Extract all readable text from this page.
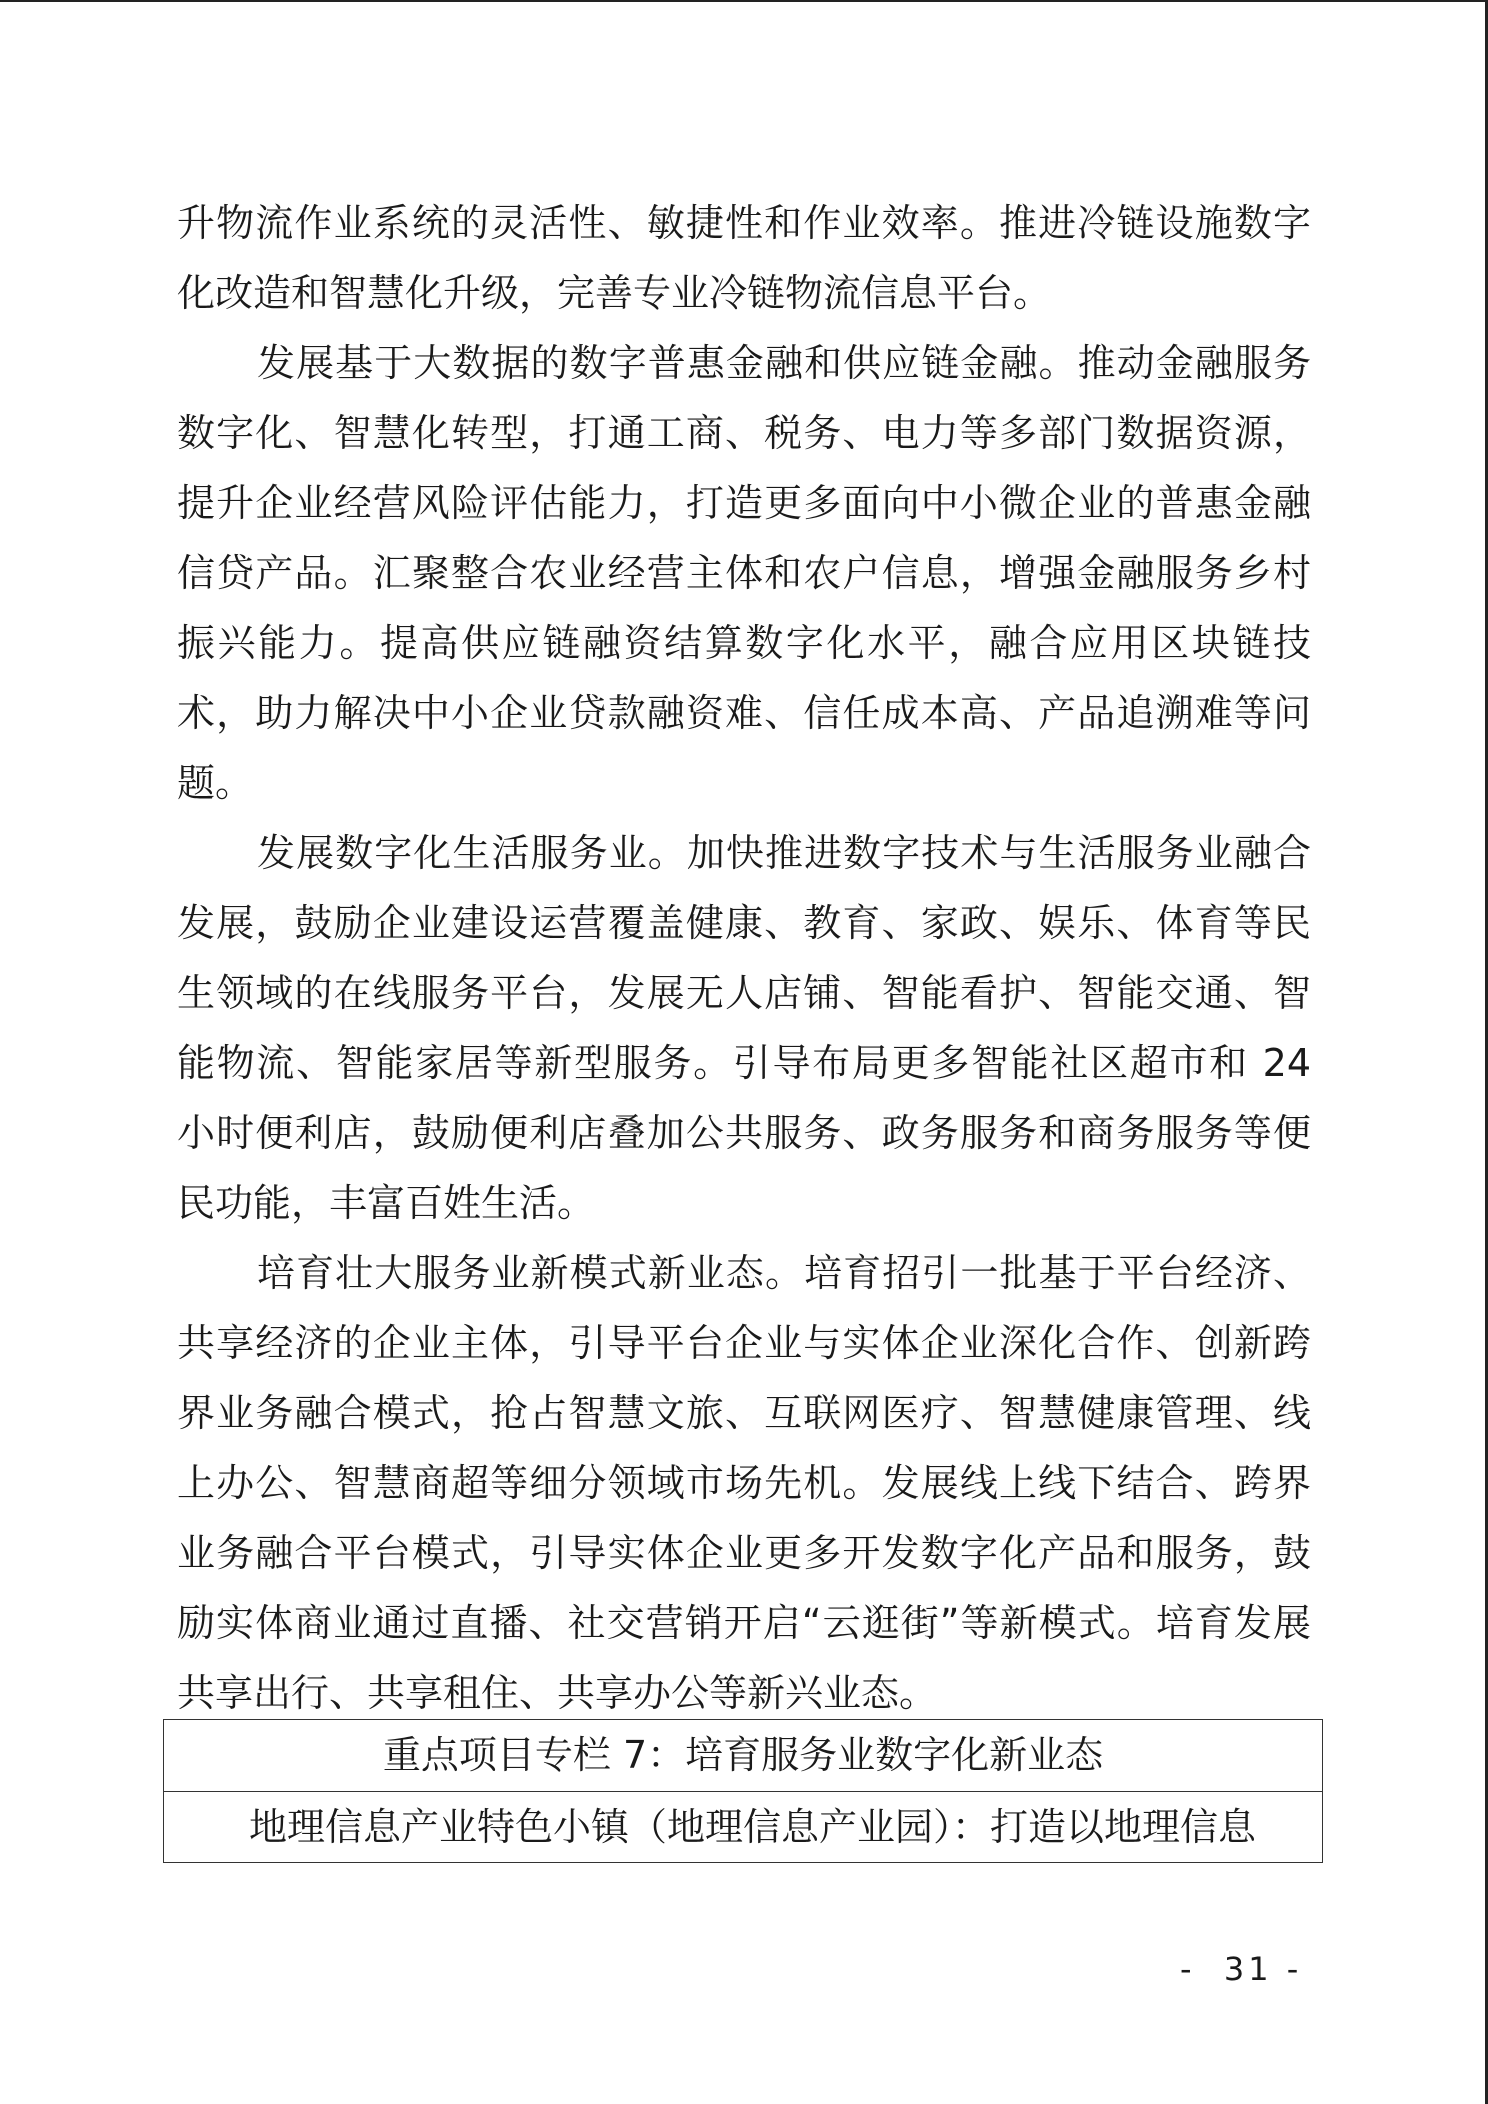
升物流作业系统的灵活性、敏捷性和作业效率。推进冷链设施数字化改造和智慧化升级，完善专业冷链物流信息平台。

发展基于大数据的数字普惠金融和供应链金融。推动金融服务数字化、智慧化转型，打通工商、税务、电力等多部门数据资源，提升企业经营风险评估能力，打造更多面向中小微企业的普惠金融信贷产品。汇聚整合农业经营主体和农户信息，增强金融服务乡村振兴能力。提高供应链融资结算数字化水平，融合应用区块链技术，助力解决中小企业贷款融资难、信任成本高、产品追溯难等问题。

发展数字化生活服务业。加快推进数字技术与生活服务业融合发展，鼓励企业建设运营覆盖健康、教育、家政、娱乐、体育等民生领域的在线服务平台，发展无人店铺、智能看护、智能交通、智能物流、智能家居等新型服务。引导布局更多智能社区超市和 24 小时便利店，鼓励便利店叠加公共服务、政务服务和商务服务等便民功能，丰富百姓生活。

培育壮大服务业新模式新业态。培育招引一批基于平台经济、共享经济的企业主体，引导平台企业与实体企业深化合作、创新跨界业务融合模式，抢占智慧文旅、互联网医疗、智慧健康管理、线上办公、智慧商超等细分领域市场先机。发展线上线下结合、跨界业务融合平台模式，引导实体企业更多开发数字化产品和服务，鼓励实体商业通过直播、社交营销开启“云逛街”等新模式。培育发展共享出行、共享租住、共享办公等新兴业态。

重点项目专栏 7：培育服务业数字化新业态
地理信息产业特色小镇（地理信息产业园）：打造以地理信息
-  31 -
